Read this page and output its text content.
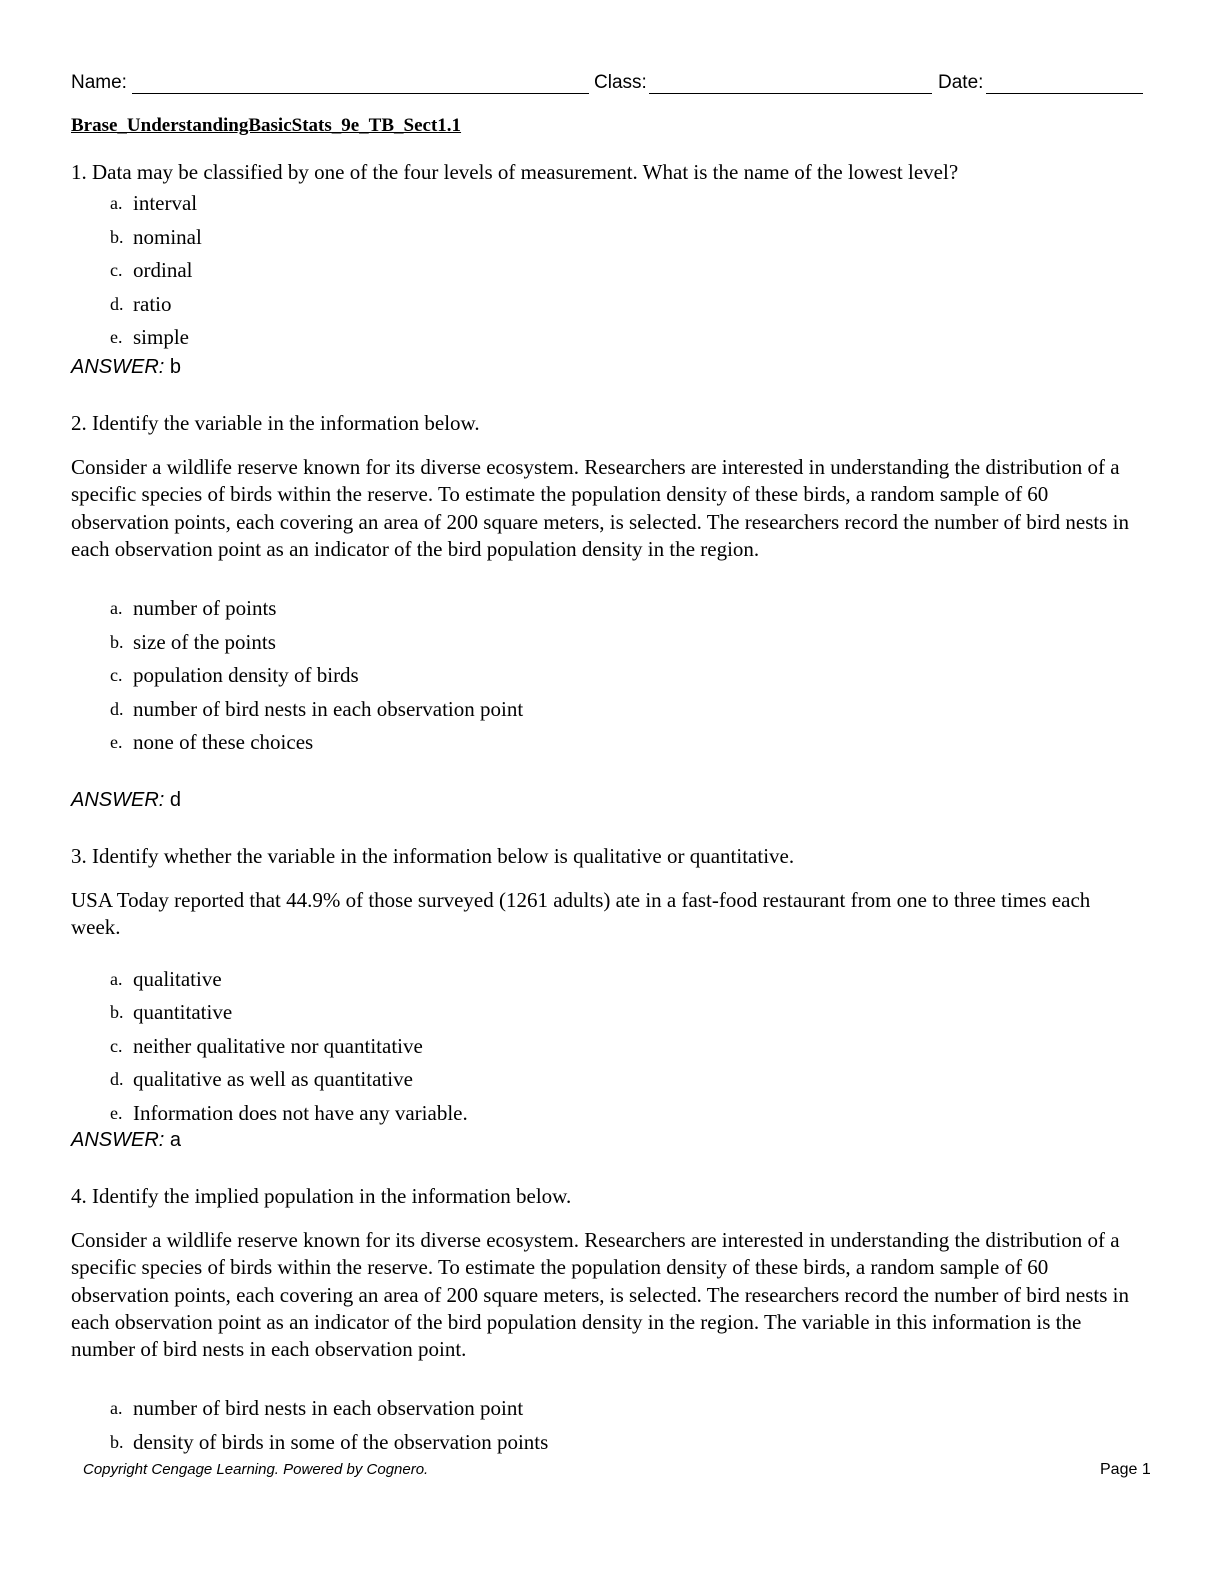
Name:	Class:	Date:
Brase_UnderstandingBasicStats_9e_TB_Sect1.1
1. Data may be classified by one of the four levels of measurement. What is the name of the lowest level?
a. interval
b. nominal
c. ordinal
d. ratio
e. simple
ANSWER: b
2. Identify the variable in the information below.
Consider a wildlife reserve known for its diverse ecosystem. Researchers are interested in understanding the distribution of a specific species of birds within the reserve. To estimate the population density of these birds, a random sample of 60 observation points, each covering an area of 200 square meters, is selected. The researchers record the number of bird nests in each observation point as an indicator of the bird population density in the region.
a. number of points
b. size of the points
c. population density of birds
d. number of bird nests in each observation point
e. none of these choices
ANSWER: d
3. Identify whether the variable in the information below is qualitative or quantitative.
USA Today reported that 44.9% of those surveyed (1261 adults) ate in a fast-food restaurant from one to three times each week.
a. qualitative
b. quantitative
c. neither qualitative nor quantitative
d. qualitative as well as quantitative
e. Information does not have any variable.
ANSWER: a
4. Identify the implied population in the information below.
Consider a wildlife reserve known for its diverse ecosystem. Researchers are interested in understanding the distribution of a specific species of birds within the reserve. To estimate the population density of these birds, a random sample of 60 observation points, each covering an area of 200 square meters, is selected. The researchers record the number of bird nests in each observation point as an indicator of the bird population density in the region. The variable in this information is the number of bird nests in each observation point.
a. number of bird nests in each observation point
b. density of birds in some of the observation points
Copyright Cengage Learning. Powered by Cognero.	Page 1
